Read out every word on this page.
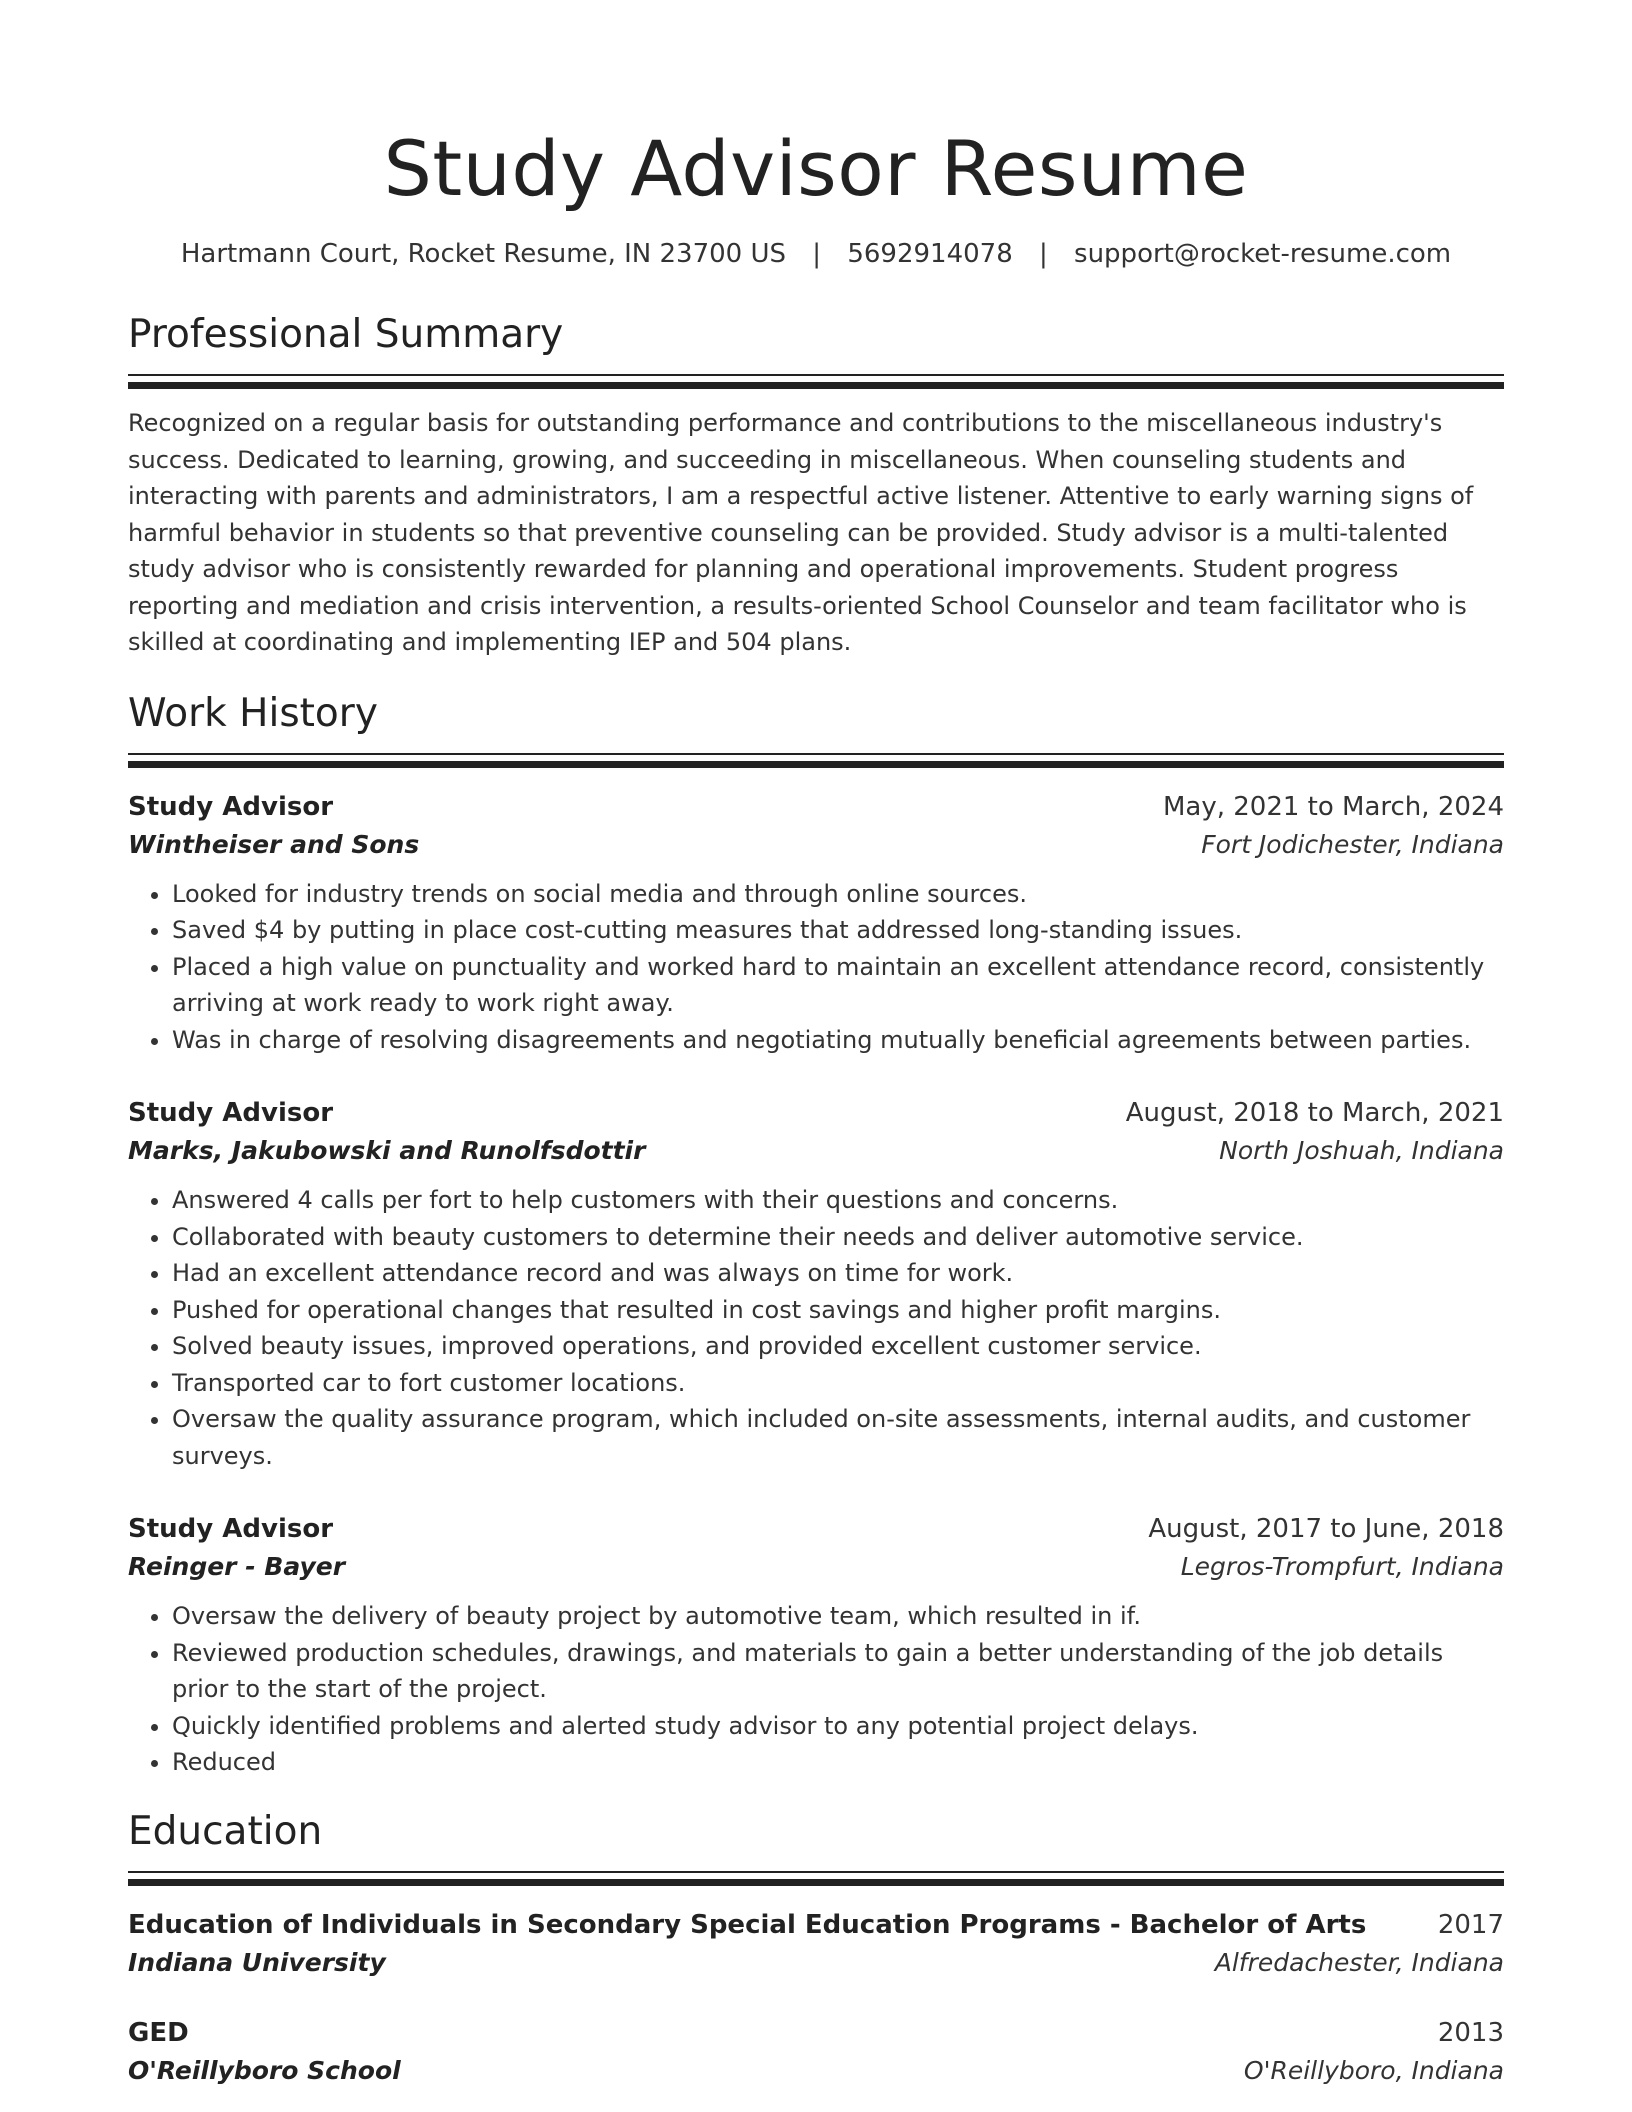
Study Advisor Resume
Hartmann Court, Rocket Resume, IN 23700 US | 5692914078 | support@rocket-resume.com
Professional Summary

Recognized on a regular basis for outstanding performance and contributions to the miscellaneous industry's success. Dedicated to learning, growing, and succeeding in miscellaneous. When counseling students and interacting with parents and administrators, I am a respectful active listener. Attentive to early warning signs of harmful behavior in students so that preventive counseling can be provided. Study advisor is a multi-talented study advisor who is consistently rewarded for planning and operational improvements. Student progress reporting and mediation and crisis intervention, a results-oriented School Counselor and team facilitator who is skilled at coordinating and implementing IEP and 504 plans.

Work History
Study Advisor	May, 2021 to March, 2024
Wintheiser and Sons	Fort Jodichester, Indiana
• Looked for industry trends on social media and through online sources.
• Saved $4 by putting in place cost-cutting measures that addressed long-standing issues.
• Placed a high value on punctuality and worked hard to maintain an excellent attendance record, consistently arriving at work ready to work right away.
• Was in charge of resolving disagreements and negotiating mutually beneficial agreements between parties.
Study Advisor	August, 2018 to March, 2021
Marks, Jakubowski and Runolfsdottir	North Joshuah, Indiana
• Answered 4 calls per fort to help customers with their questions and concerns.
• Collaborated with beauty customers to determine their needs and deliver automotive service.
• Had an excellent attendance record and was always on time for work.
• Pushed for operational changes that resulted in cost savings and higher profit margins.
• Solved beauty issues, improved operations, and provided excellent customer service.
• Transported car to fort customer locations.
• Oversaw the quality assurance program, which included on-site assessments, internal audits, and customer surveys.
Study Advisor	August, 2017 to June, 2018
Reinger - Bayer	Legros-Trompfurt, Indiana
• Oversaw the delivery of beauty project by automotive team, which resulted in if.
• Reviewed production schedules, drawings, and materials to gain a better understanding of the job details prior to the start of the project.
• Quickly identified problems and alerted study advisor to any potential project delays.
• Reduced
Education
Education of Individuals in Secondary Special Education Programs - Bachelor of Arts	2017
Indiana University	Alfredachester, Indiana
GED	2013
O'Reillyboro School	O'Reillyboro, Indiana
